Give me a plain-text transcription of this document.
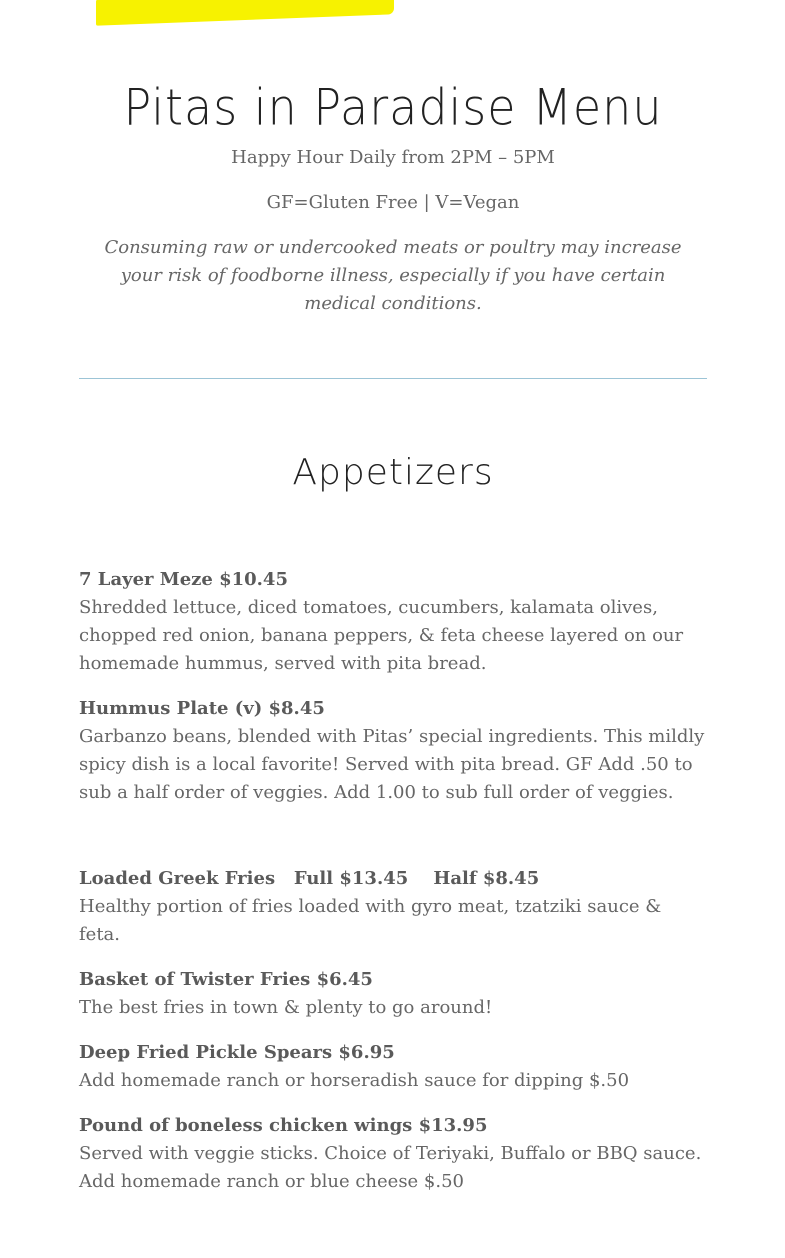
Pitas in Paradise Menu

Happy Hour Daily from 2PM – 5PM

GF=Gluten Free | V=Vegan

Consuming raw or undercooked meats or poultry may increase your risk of foodborne illness, especially if you have certain medical conditions.

Appetizers
7 Layer Meze $10.45
Shredded lettuce, diced tomatoes, cucumbers, kalamata olives, chopped red onion, banana peppers, & feta cheese layered on our homemade hummus, served with pita bread.
Hummus Plate (v) $8.45
Garbanzo beans, blended with Pitas’ special ingredients. This mildly spicy dish is a local favorite! Served with pita bread. GF Add .50 to sub a half order of veggies. Add 1.00 to sub full order of veggies.
Loaded Greek Fries   Full $13.45    Half $8.45
Healthy portion of fries loaded with gyro meat, tzatziki sauce & feta.
Basket of Twister Fries $6.45
The best fries in town & plenty to go around!
Deep Fried Pickle Spears $6.95
Add homemade ranch or horseradish sauce for dipping $.50
Pound of boneless chicken wings $13.95
Served with veggie sticks. Choice of Teriyaki, Buffalo or BBQ sauce. Add homemade ranch or blue cheese $.50
